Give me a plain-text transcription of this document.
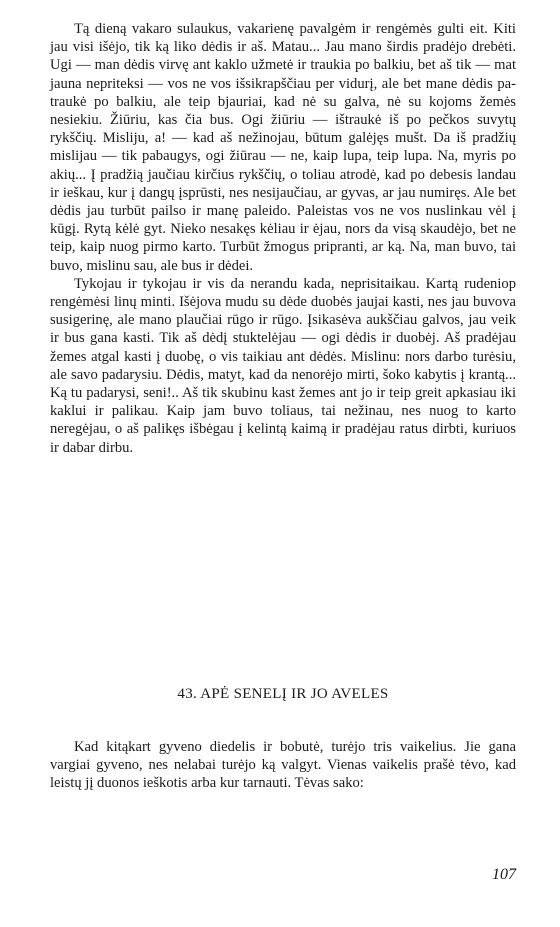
Tą dieną vakaro sulaukus, vakarienę pavalgėm ir rengėmės gulti eit. Kiti jau visi išėjo, tik ką liko dėdis ir aš. Matau... Jau mano širdis pradėjo drebėti. Ugi — man dėdis virvę ant kaklo užmetė ir traukia po balkiu, bet aš tik — mat jauna nepriteksi — vos ne vos išsikrapščiau per vidurį, ale bet mane dėdis patraukė po balkiu, ale teip bjauriai, kad nė su galva, nė su kojoms žemės nesiekiu. Žiūriu, kas čia bus. Ogi žiūriu — ištraukė iš po pečkos suvytų rykščių. Misliju, a! — kad aš nežinojau, būtum galėjęs mušt. Da iš pradžių mislijau — tik pabaugys, ogi žiūrau — ne, kaip lupa, teip lupa. Na, myris po akių... Į pradžią jaučiau kirčius rykščių, o toliau atrodė, kad po debesis landau ir ieškau, kur į dangų įsprūsti, nes nesijaučiau, ar gyvas, ar jau numiręs. Ale bet dėdis jau turbūt pailso ir manę paleido. Paleistas vos ne vos nuslinkau vėl į kūgį. Rytą kėlė gyt. Nieko nesakęs kėliau ir ėjau, nors da visą skaudėjo, bet ne teip, kaip nuog pirmo karto. Turbūt žmogus pripranti, ar ką. Na, man buvo, tai buvo, mislinu sau, ale bus ir dėdei.

Tykojau ir tykojau ir vis da nerandu kada, neprisitaikau. Kartą rudeniop rengėmėsi linų minti. Išėjova mudu su dėde duobės jaujai kasti, nes jau buvova susigerinę, ale mano plaučiai rūgo ir rūgo. Įsikasėva aukščiau galvos, jau veik ir bus gana kasti. Tik aš dėdį stuktelėjau — ogi dėdis ir duobėj. Aš pradėjau žemes atgal kasti į duobę, o vis taikiau ant dėdės. Mislinu: nors darbo turėsiu, ale savo padarysiu. Dėdis, matyt, kad da nenorėjo mirti, šoko kabytis į krantą... Ką tu padarysi, seni!.. Aš tik skubinu kast žemes ant jo ir teip greit apkasiau iki kaklui ir palikau. Kaip jam buvo toliaus, tai nežinau, nes nuog to karto neregėjau, o aš palikęs išbėgau į kelintą kaimą ir pradėjau ratus dirbti, kuriuos ir dabar dirbu.

43. APĖ SENELĮ IR JO AVELES

Kad kitąkart gyveno diedelis ir bobutė, turėjo tris vaikelius. Jie gana vargiai gyveno, nes nelabai turėjo ką valgyt. Vienas vaikelis prašė tėvo, kad leistų jį duonos ieškotis arba kur tarnauti. Tėvas sako:

107
